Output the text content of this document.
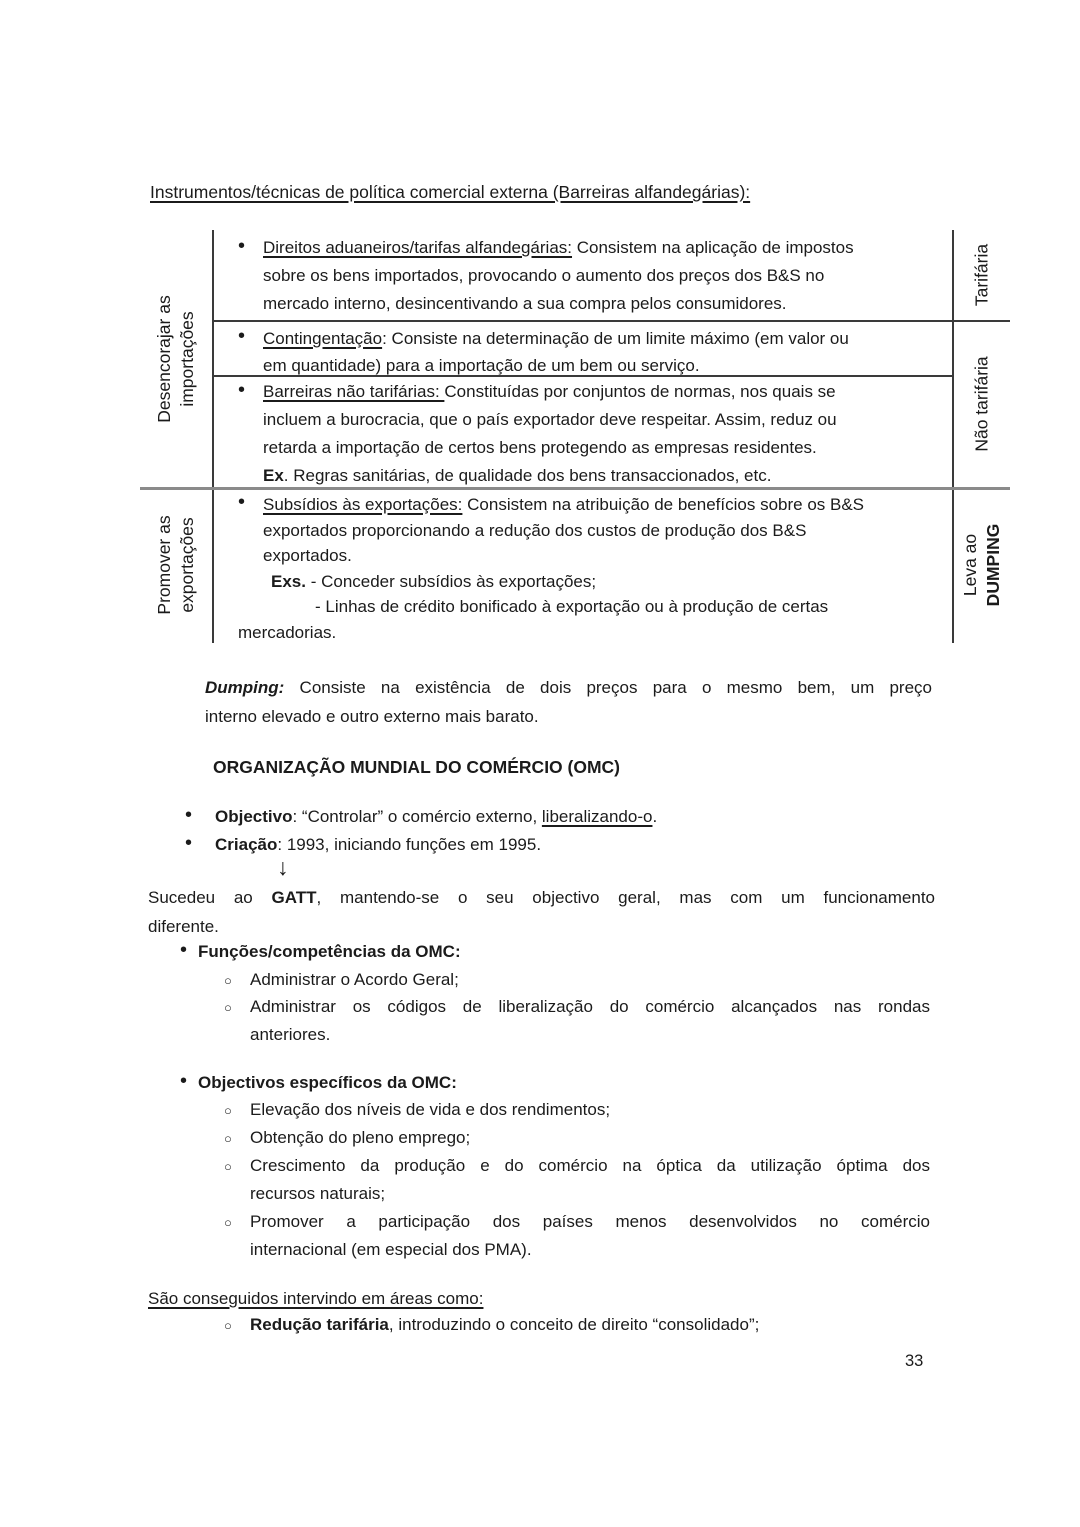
Instrumentos/técnicas de política comercial externa (Barreiras alfandegárias):
Desencorajar as
importações
Promover as
exportações
Tarifária
Não tarifária
Leva ao DUMPING
• Direitos aduaneiros/tarifas alfandegárias: Consistem na aplicação de impostos
sobre os bens importados, provocando o aumento dos preços dos B&S no
mercado interno, desincentivando a sua compra pelos consumidores.
• Contingentação: Consiste na determinação de um limite máximo (em valor ou
em quantidade) para a importação de um bem ou serviço.
• Barreiras não tarifárias: Constituídas por conjuntos de normas, nos quais se
incluem a burocracia, que o país exportador deve respeitar. Assim, reduz ou
retarda a importação de certos bens protegendo as empresas residentes.
Ex. Regras sanitárias, de qualidade dos bens transaccionados, etc.
• Subsídios às exportações: Consistem na atribuição de benefícios sobre os B&S
exportados proporcionando a redução dos custos de produção dos B&S
exportados.
Exs. - Conceder subsídios às exportações;
- Linhas de crédito bonificado à exportação ou à produção de certas
mercadorias.
Dumping: Consiste na existência de dois preços para o mesmo bem, um preço
interno elevado e outro externo mais barato.
ORGANIZAÇÃO MUNDIAL DO COMÉRCIO (OMC)
• Objectivo: “Controlar” o comércio externo, liberalizando-o.
• Criação: 1993, iniciando funções em 1995.
↓
Sucedeu ao GATT, mantendo-se o seu objectivo geral, mas com um funcionamento
diferente.
• Funções/competências da OMC:
○ Administrar o Acordo Geral;
○ Administrar os códigos de liberalização do comércio alcançados nas rondas
anteriores.
• Objectivos específicos da OMC:
○ Elevação dos níveis de vida e dos rendimentos;
○ Obtenção do pleno emprego;
○ Crescimento da produção e do comércio na óptica da utilização óptima dos
recursos naturais;
○ Promover a participação dos países menos desenvolvidos no comércio
internacional (em especial dos PMA).
São conseguidos intervindo em áreas como:
○ Redução tarifária, introduzindo o conceito de direito “consolidado”;
33
